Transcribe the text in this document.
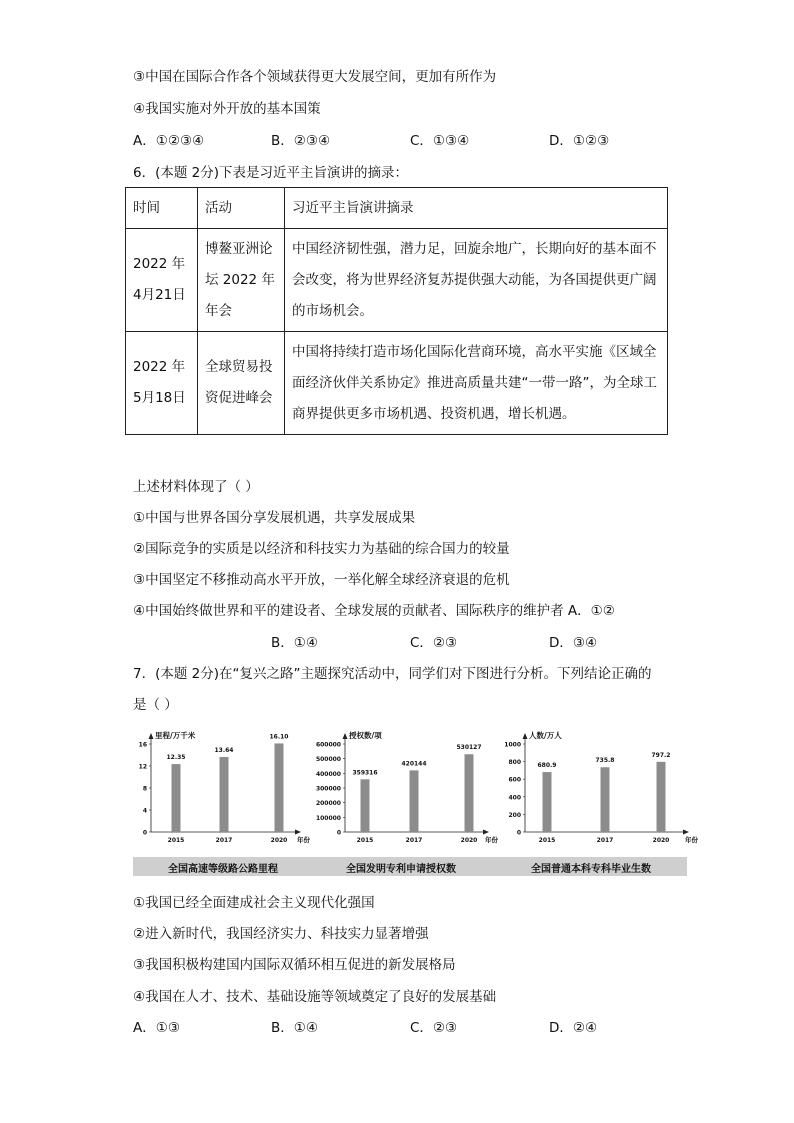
③中国在国际合作各个领域获得更大发展空间，更加有所作为
④我国实施对外开放的基本国策
A．①②③④	B．②③④	C．①③④	D．①②③
6．(本题 2分)下表是习近平主旨演讲的摘录：
时间	活动	习近平主旨演讲摘录
2022 年 4月21日	博鳌亚洲论坛 2022 年年会	中国经济韧性强，潜力足，回旋余地广，长期向好的基本面不会改变，将为世界经济复苏提供强大动能，为各国提供更广阔的市场机会。
2022 年 5月18日	全球贸易投资促进峰会	中国将持续打造市场化国际化营商环境，高水平实施《区域全面经济伙伴关系协定》推进高质量共建“一带一路”，为全球工商界提供更多市场机遇、投资机遇，增长机遇。
上述材料体现了（ ）
①中国与世界各国分享发展机遇，共享发展成果
②国际竞争的实质是以经济和科技实力为基础的综合国力的较量
③中国坚定不移推动高水平开放，一举化解全球经济衰退的危机
④中国始终做世界和平的建设者、全球发展的贡献者、国际秩序的维护者 A．①②
B．①④	C．②③	D．③④
7．(本题 2分)在“复兴之路”主题探究活动中，同学们对下图进行分析。下列结论正确的
是（ ）
里程/万千米
年份
0
4
8
12
16
12.35
2015
13.64
2017
16.10
2020
授权数/项
年份
0
100000
200000
300000
400000
500000
600000
359316
2015
420144
2017
530127
2020
人数/万人
年份
0
200
400
600
800
1000
680.9
2015
735.8
2017
797.2
2020
全国高速等级路公路里程	全国发明专利申请授权数	全国普通本科专科毕业生数
①我国已经全面建成社会主义现代化强国
②进入新时代，我国经济实力、科技实力显著增强
③我国积极构建国内国际双循环相互促进的新发展格局
④我国在人才、技术、基础设施等领域奠定了良好的发展基础
A．①③	B．①④	C．②③	D．②④
